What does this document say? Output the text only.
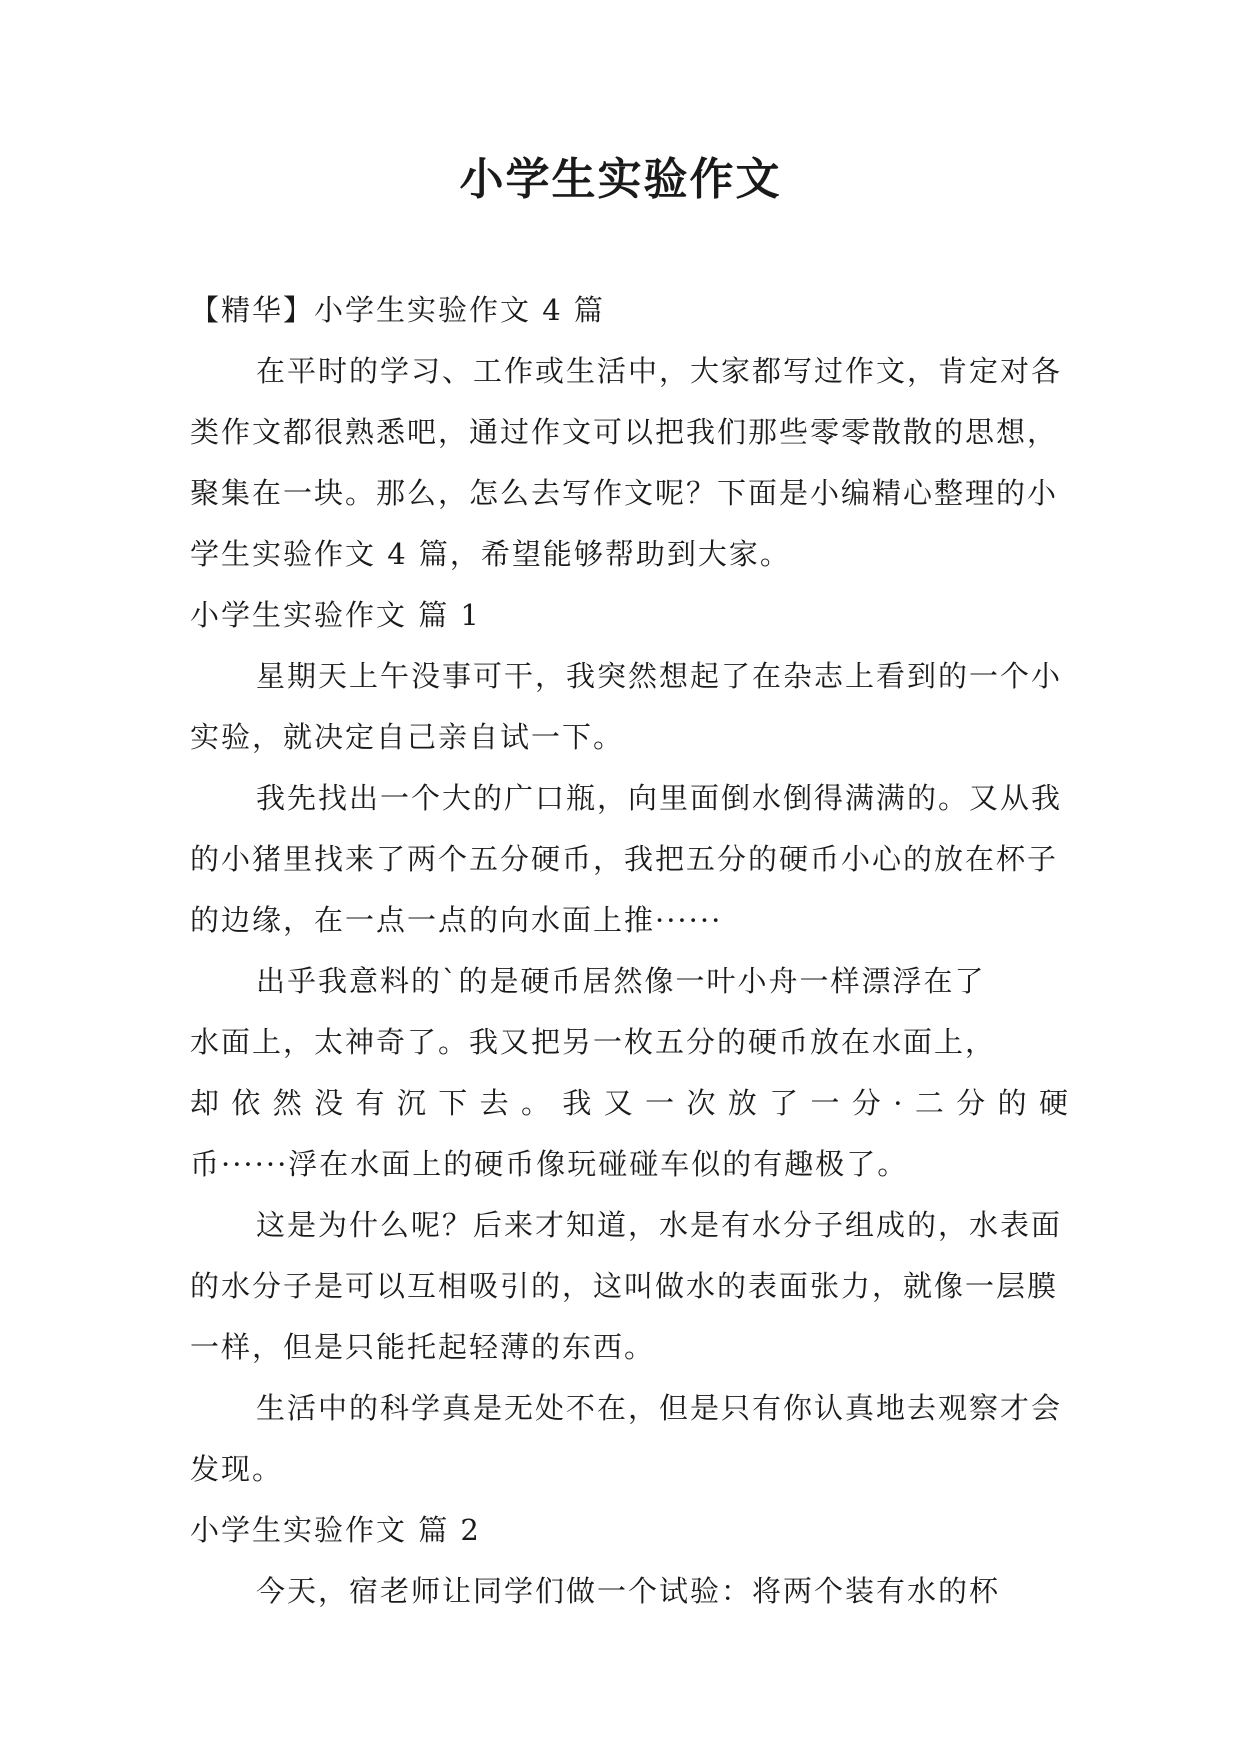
小学生实验作文

【精华】小学生实验作文 4 篇

在平时的学习、工作或生活中，大家都写过作文，肯定对各类作文都很熟悉吧，通过作文可以把我们那些零零散散的思想，聚集在一块。那么，怎么去写作文呢？下面是小编精心整理的小学生实验作文 4 篇，希望能够帮助到大家。

小学生实验作文 篇 1

星期天上午没事可干，我突然想起了在杂志上看到的一个小实验，就决定自己亲自试一下。

我先找出一个大的广口瓶，向里面倒水倒得满满的。又从我的小猪里找来了两个五分硬币，我把五分的硬币小心的放在杯子的边缘，在一点一点的向水面上推······

出乎我意料的`的是硬币居然像一叶小舟一样漂浮在了

水面上，太神奇了。我又把另一枚五分的硬币放在水面上，

却依然没有沉下去。我又一次放了一分·二分的硬

币······浮在水面上的硬币像玩碰碰车似的有趣极了。

这是为什么呢？后来才知道，水是有水分子组成的，水表面的水分子是可以互相吸引的，这叫做水的表面张力，就像一层膜一样，但是只能托起轻薄的东西。

生活中的科学真是无处不在，但是只有你认真地去观察才会发现。

小学生实验作文 篇 2

今天，宿老师让同学们做一个试验：将两个装有水的杯
